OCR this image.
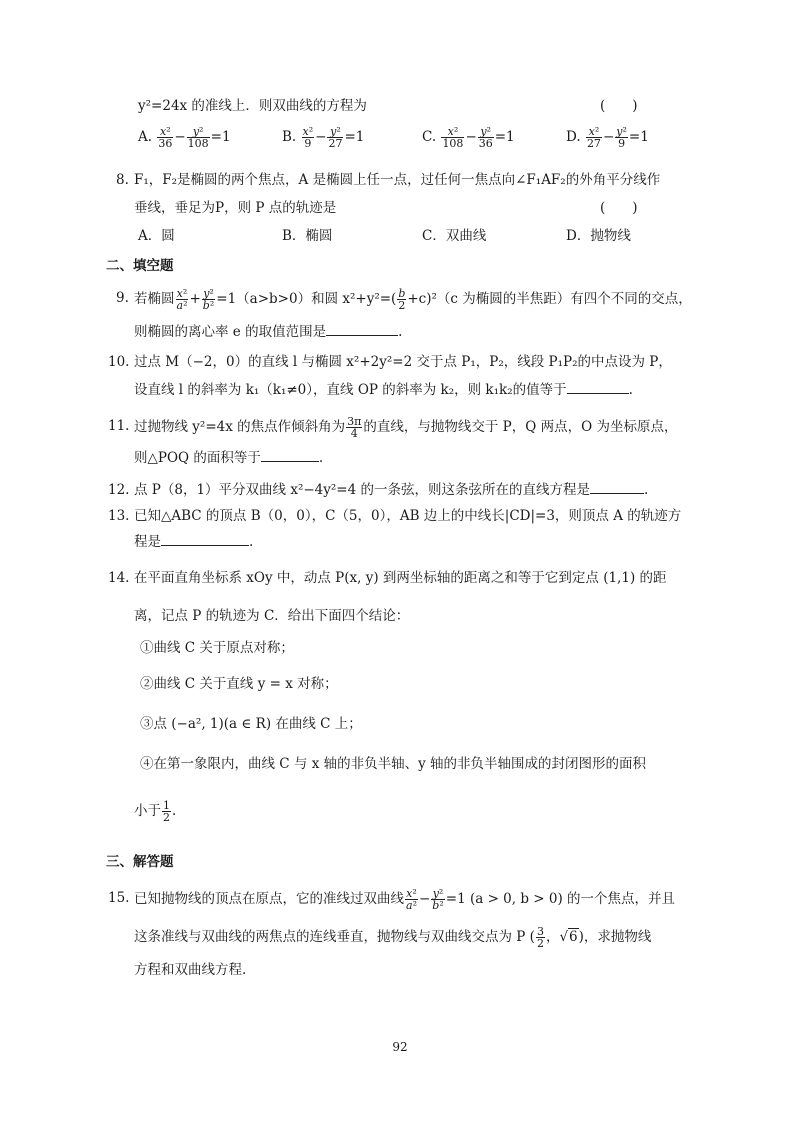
y²=24x 的准线上．则双曲线的方程为	(　　)
A. $\frac{\text{x²}}{36} - \frac{\text{y²}}{108} =1$	B. $\frac{\text{x²}}{9} - \frac{\text{y²}}{27} =1$	C. $\frac{\text{x²}}{108} - \frac{\text{y²}}{36} =1$	D. $\frac{\text{x²}}{27} - \frac{\text{y²}}{9} =1$
8. F₁，F₂是椭圆的两个焦点，A 是椭圆上任一点，过任何一焦点向∠F₁AF₂的外角平分线作
垂线，垂足为P，则 P 点的轨迹是	(　　)
A．圆	B．椭圆	C．双曲线	D．抛物线
二、填空题
9. 若椭圆 $\frac{\text{x²}}{\text{a²}} + \frac{\text{y²}}{\text{b²}} =1(a>b>0)$和圆 $x^2+y^2=( \frac{b}{2} +c)^2(c$ 为椭圆的半焦距）有四个不同的交点，
则椭圆的离心率 e 的取值范围是	.
10. 过点 M（−2，0）的直线 l 与椭圆 x²+2y²=2 交于点 P₁，P₂，线段 P₁P₂的中点设为 P，
设直线 l 的斜率为 k₁（k₁≠0），直线 OP 的斜率为 k₂，则 k₁k₂的值等于	.
11. 过抛物线 y²=4x 的焦点作倾斜角为 $\frac{3\pi}{4}$ 的直线，与抛物线交于 P，Q 两点，O 为坐标原点，
则△POQ 的面积等于	.
12. 点 P（8，1）平分双曲线 x²−4y²=4 的一条弦，则这条弦所在的直线方程是	.
13. 已知△ABC 的顶点 B（0，0），C（5，0），AB 边上的中线长|CD|=3，则顶点 A 的轨迹方
程是	.
14. 在平面直角坐标系 xOy 中，动点 P(x, y) 到两坐标轴的距离之和等于它到定点 (1,1) 的距
离，记点 P 的轨迹为 C．给出下面四个结论：
①曲线 C 关于原点对称；
②曲线 C 关于直线 y = x 对称；
③点 (−a², 1)(a ∈ R) 在曲线 C 上；
④在第一象限内，曲线 C 与 x 轴的非负半轴、y 轴的非负半轴围成的封闭图形的面积
小于 $\frac{1}{2}$ .
三、解答题
15. 已知抛物线的顶点在原点，它的准线过双曲线 $\frac{\text{x²}}{\text{a²}} - \frac{\text{y²}}{\text{b²}} =1$ (a > 0, b > 0) 的一个焦点，并且
这条准线与双曲线的两焦点的连线垂直，抛物线与双曲线交点为 P ( $\frac{3}{2}$ ，√6)，求抛物线
方程和双曲线方程.
92
